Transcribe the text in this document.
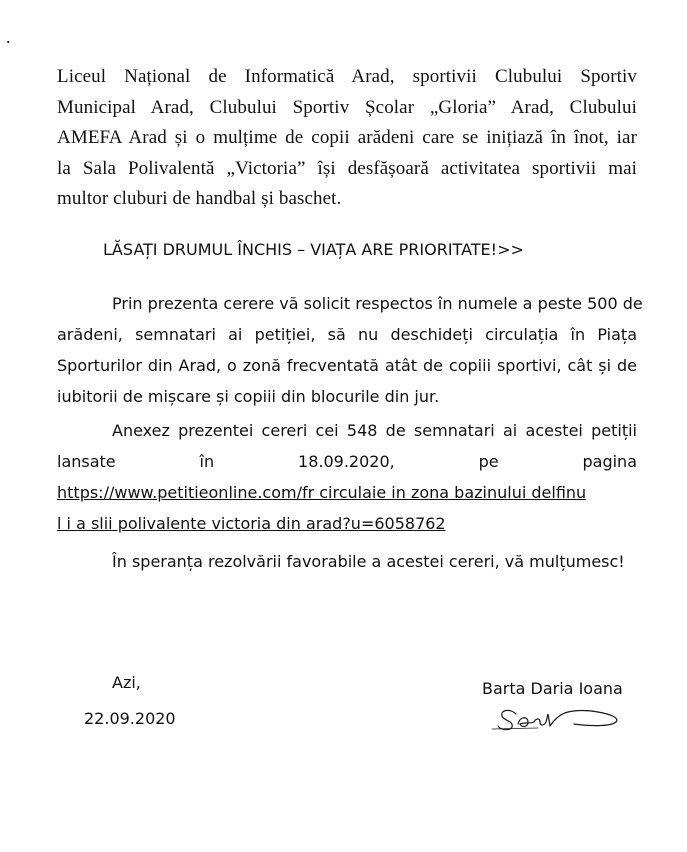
.
Liceul Național de Informatică Arad, sportivii Clubului Sportiv
Municipal Arad, Clubului Sportiv Școlar „Gloria” Arad, Clubului
AMEFA Arad și o mulțime de copii arădeni care se inițiază în înot, iar
la Sala Polivalentă „Victoria” își desfășoară activitatea sportivii mai
multor cluburi de handbal și baschet.
LĂSAȚI DRUMUL ÎNCHIS – VIAȚA ARE PRIORITATE!>>
Prin prezenta cerere vă solicit respectos în numele a peste 500 de
arădeni, semnatari ai petiției, să nu deschideți circulația în Piața
Sporturilor din Arad, o zonă frecventată atât de copiii sportivi, cât și de
iubitorii de mișcare și copiii din blocurile din jur.
Anexez prezentei cereri cei 548 de semnatari ai acestei petiții
lansate în 18.09.2020, pe pagina
https://www.petitieonline.com/fr circulaie in zona bazinului delfinu
l i a slii polivalente victoria din arad?u=6058762
În speranța rezolvării favorabile a acestei cereri, vă mulțumesc!
Azi,
22.09.2020
Barta Daria Ioana
